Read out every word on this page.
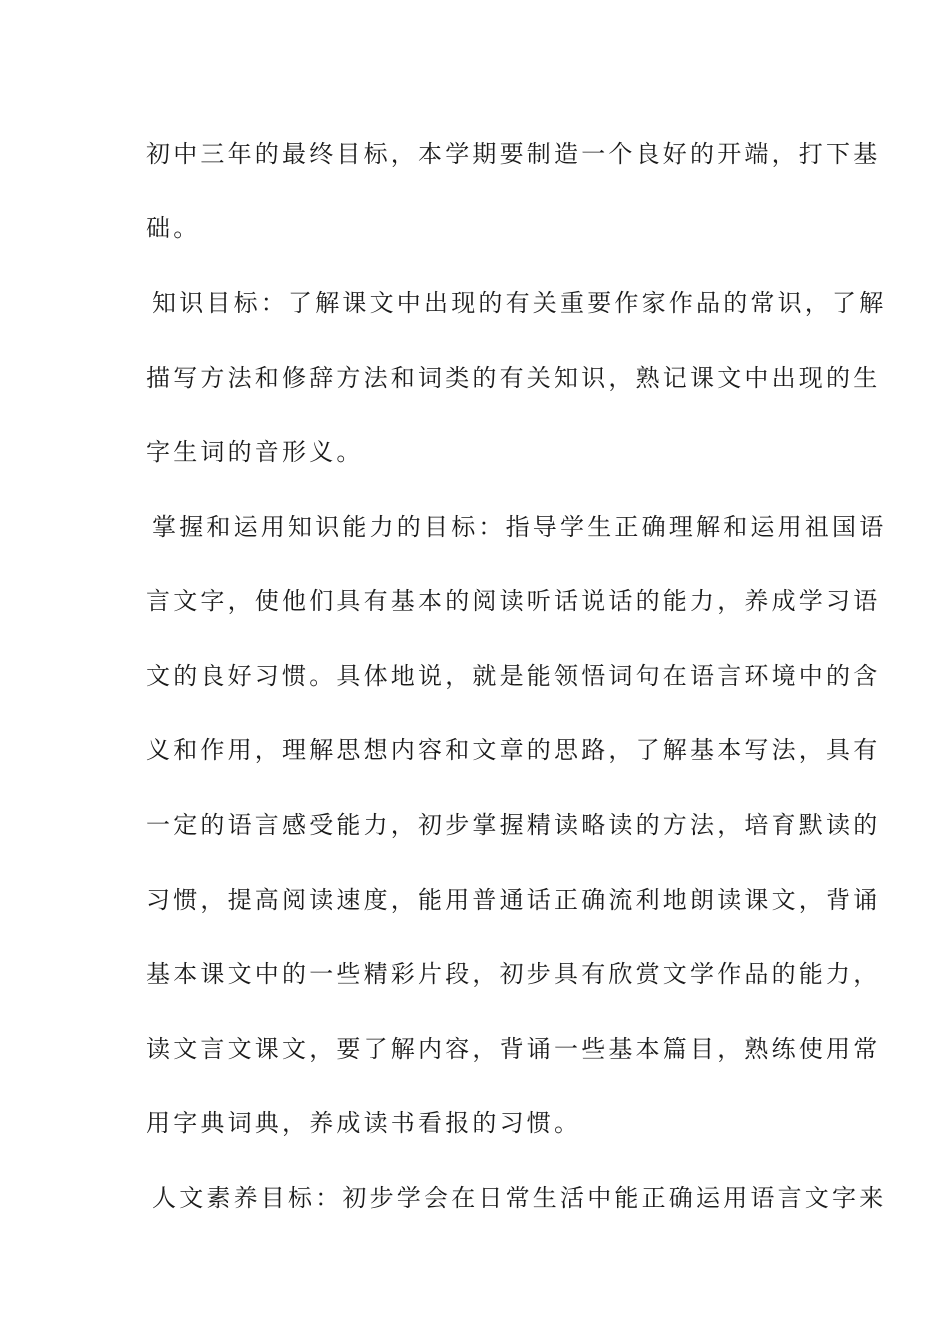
初中三年的最终目标，本学期要制造一个良好的开端，打下基
础。
知识目标：了解课文中出现的有关重要作家作品的常识，了解
描写方法和修辞方法和词类的有关知识，熟记课文中出现的生
字生词的音形义。
掌握和运用知识能力的目标：指导学生正确理解和运用祖国语
言文字，使他们具有基本的阅读听话说话的能力，养成学习语
文的良好习惯。具体地说，就是能领悟词句在语言环境中的含
义和作用，理解思想内容和文章的思路，了解基本写法，具有
一定的语言感受能力，初步掌握精读略读的方法，培育默读的
习惯，提高阅读速度，能用普通话正确流利地朗读课文，背诵
基本课文中的一些精彩片段，初步具有欣赏文学作品的能力，
读文言文课文，要了解内容，背诵一些基本篇目，熟练使用常
用字典词典，养成读书看报的习惯。
人文素养目标：初步学会在日常生活中能正确运用语言文字来
